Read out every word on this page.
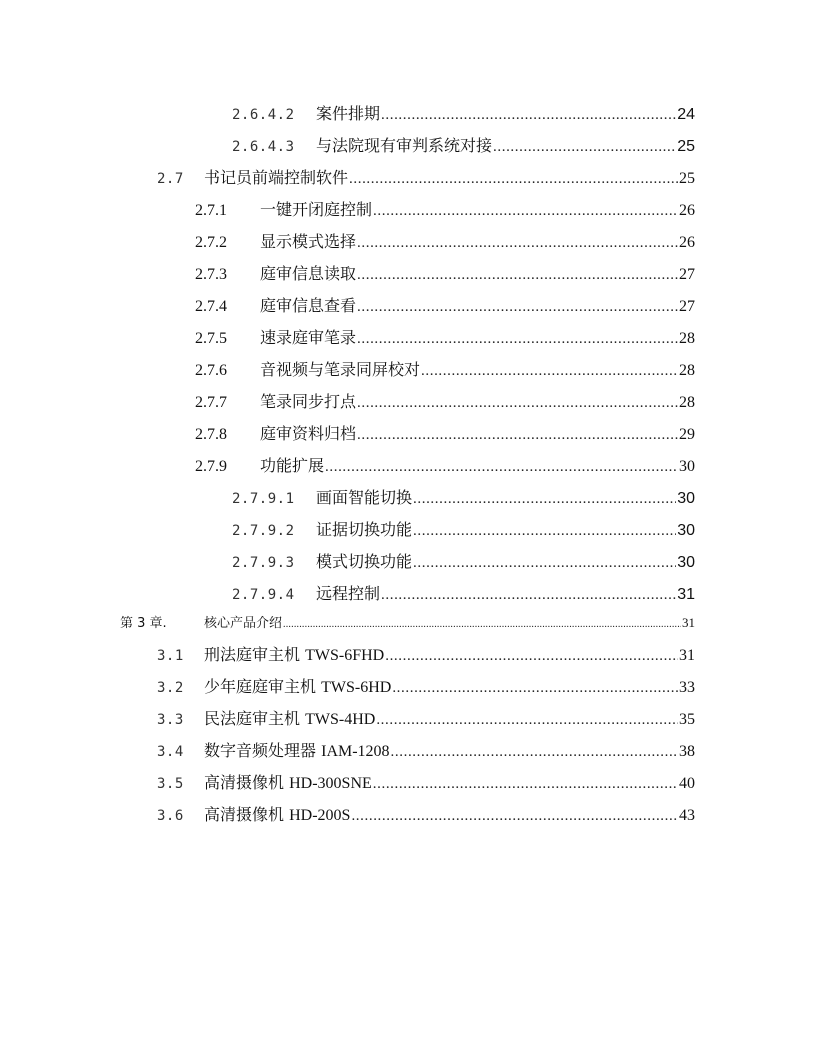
2.6.4.2	案件排期 .....	24
2.6.4.3	与法院现有审判系统对接 .....	25
2.7	书记员前端控制软件 .....	25
2.7.1	一键开闭庭控制 .....	26
2.7.2	显示模式选择 .....	26
2.7.3	庭审信息读取 .....	27
2.7.4	庭审信息查看 .....	27
2.7.5	速录庭审笔录 .....	28
2.7.6	音视频与笔录同屏校对 .....	28
2.7.7	笔录同步打点 .....	28
2.7.8	庭审资料归档 .....	29
2.7.9	功能扩展 .....	30
2.7.9.1	画面智能切换 .....	30
2.7.9.2	证据切换功能 .....	30
2.7.9.3	模式切换功能 .....	30
2.7.9.4	远程控制 .....	31
第 3 章.	核心产品介绍 .....	31
3.1	刑法庭审主机 TWS-6FHD .....	31
3.2	少年庭庭审主机 TWS-6HD .....	33
3.3	民法庭审主机 TWS-4HD .....	35
3.4	数字音频处理器 IAM-1208 .....	38
3.5	高清摄像机 HD-300SNE .....	40
3.6	高清摄像机 HD-200S .....	43
